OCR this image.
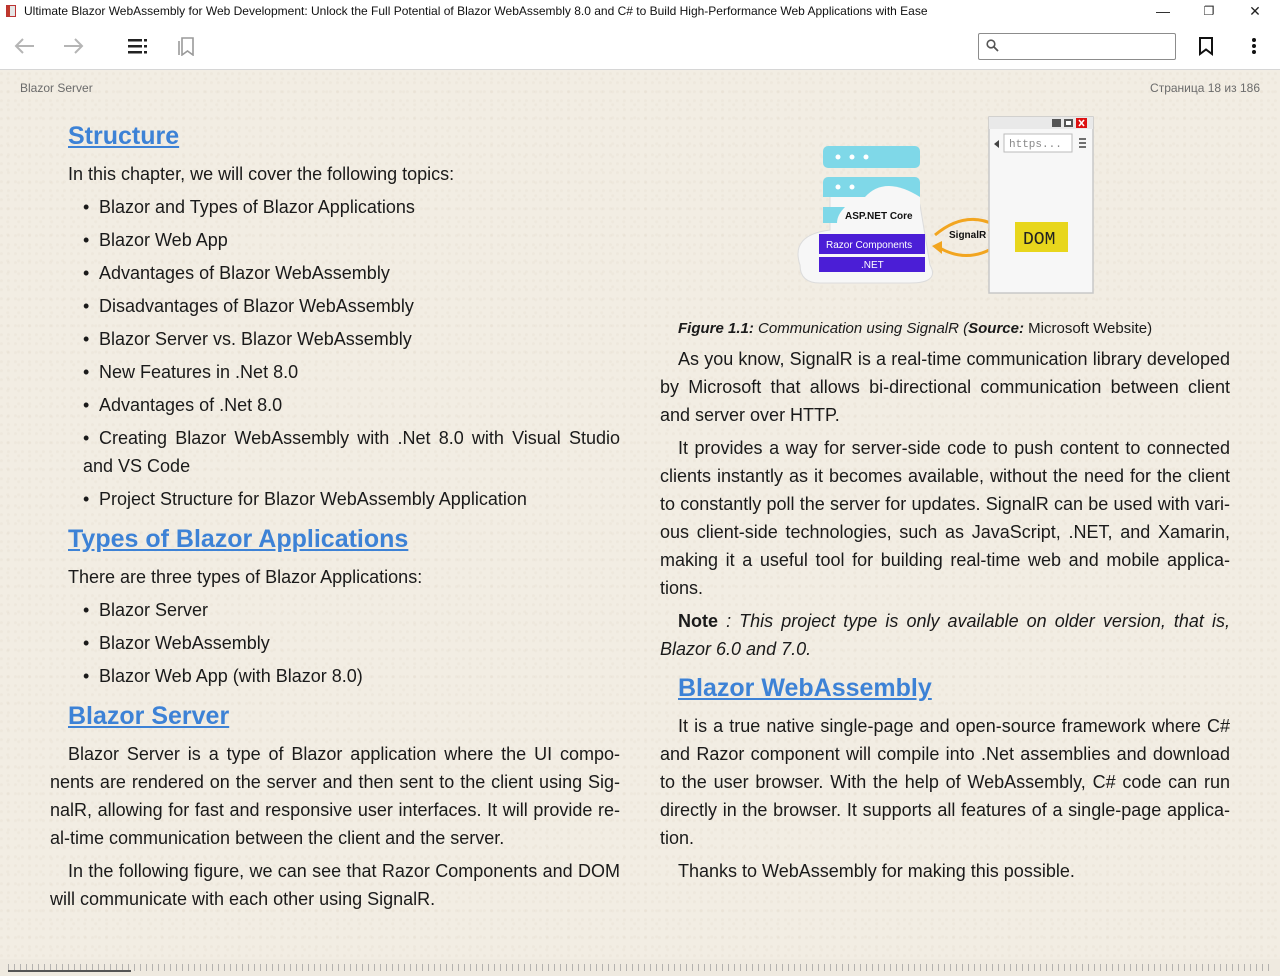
Ultimate Blazor WebAssembly for Web Development: Unlock the Full Potential of Blazor WebAssembly 8.0 and C# to Build High-Performance Web Applications with Ease	—	❐	✕
Blazor Server	Страница 18 из 186
Structure

In this chapter, we will cover the following topics:

• Blazor and Types of Blazor Applications
• Blazor Web App
• Advantages of Blazor WebAssembly
• Disadvantages of Blazor WebAssembly
• Blazor Server vs. Blazor WebAssembly
• New Features in .Net 8.0
• Advantages of .Net 8.0
• Creating Blazor WebAssembly with .Net 8.0 with Visual Studio and VS Code
• Project Structure for Blazor WebAssembly Application
Types of Blazor Applications

There are three types of Blazor Applications:

• Blazor Server
• Blazor WebAssembly
• Blazor Web App (with Blazor 8.0)
Blazor Server

Blazor Server is a type of Blazor application where the UI components are rendered on the server and then sent to the client using SignalR, allowing for fast and responsive user interfaces. It will provide real-time communication between the client and the server.

In the following figure, we can see that Razor Components and DOM will communicate with each other using SignalR.

ASP.NET Core
Razor Components
.NET
SignalR
https...
DOM

Figure 1.1: Communication using SignalR (Source: Microsoft Website)

As you know, SignalR is a real-time communication library developed by Microsoft that allows bi-directional communication between client and server over HTTP.

It provides a way for server-side code to push content to connected clients instantly as it becomes available, without the need for the client to constantly poll the server for updates. SignalR can be used with various client-side technologies, such as JavaScript, .NET, and Xamarin, making it a useful tool for building real-time web and mobile applications.

Note : This project type is only available on older version, that is, Blazor 6.0 and 7.0.

Blazor WebAssembly

It is a true native single-page and open-source framework where C# and Razor component will compile into .Net assemblies and download to the user browser. With the help of WebAssembly, C# code can run directly in the browser. It supports all features of a single-page application.

Thanks to WebAssembly for making this possible.
